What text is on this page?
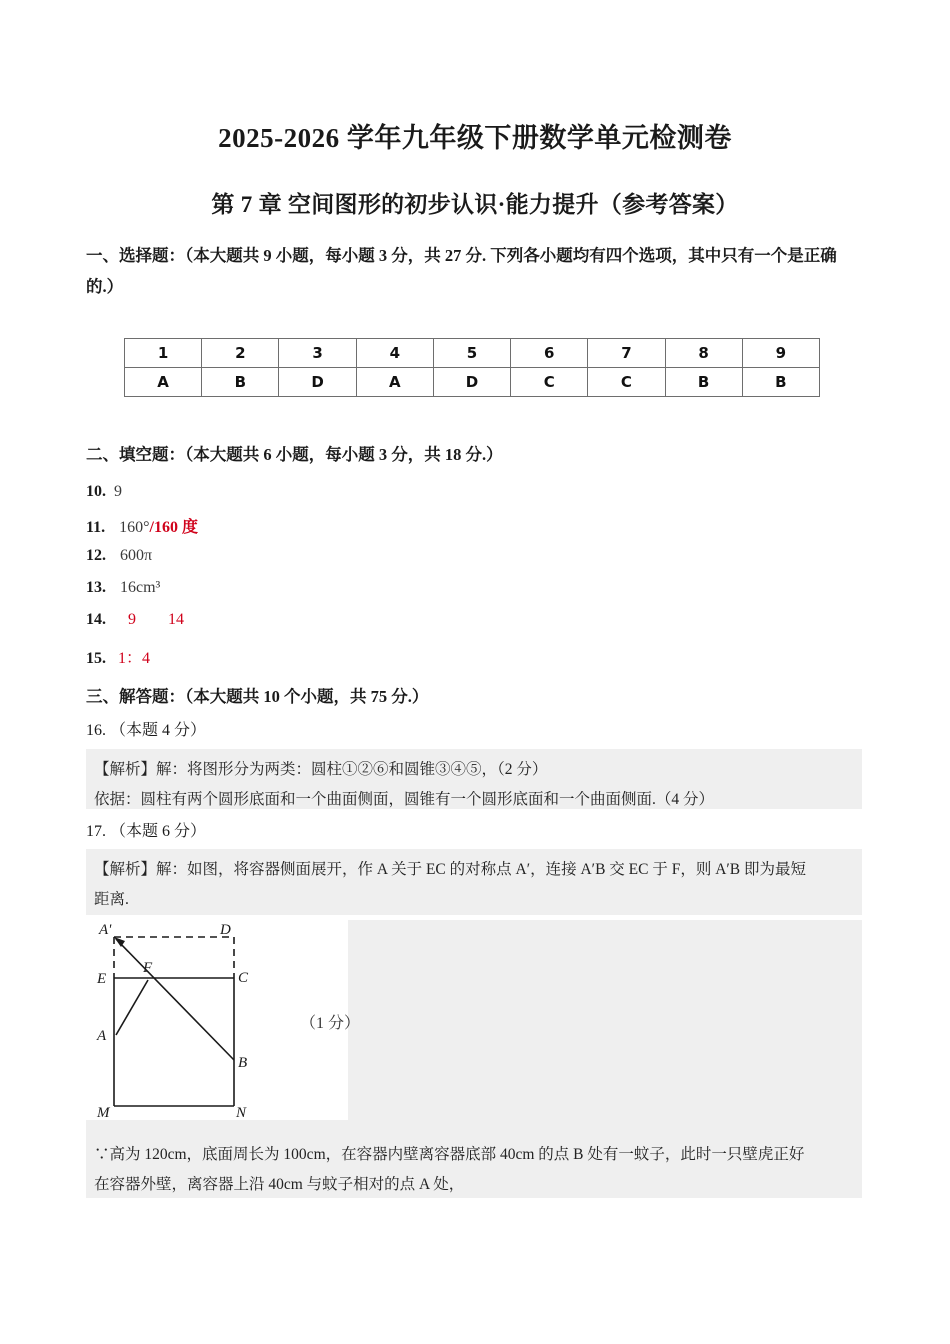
2025-2026 学年九年级下册数学单元检测卷
第 7 章 空间图形的初步认识·能力提升（参考答案）
一、选择题：（本大题共 9 小题，每小题 3 分，共 27 分. 下列各小题均有四个选项，其中只有一个是正确
的.）
1	2	3	4	5	6	7	8	9
A	B	D	A	D	C	C	B	B
二、填空题：（本大题共 6 小题，每小题 3 分，共 18 分.）
10. 9
11. 160°/160 度
12. 600π
13. 16cm³
14. 9        14
15. 1：4
三、解答题：（本大题共 10 个小题，共 75 分.）
16. （本题 4 分）
【解析】解：将图形分为两类：圆柱①②⑥和圆锥③④⑤，（2 分）
依据：圆柱有两个圆形底面和一个曲面侧面，圆锥有一个圆形底面和一个曲面侧面.（4 分）
17. （本题 6 分）
【解析】解：如图，将容器侧面展开，作 A 关于 EC 的对称点 A′，连接 A′B 交 EC 于 F，则 A′B 即为最短
距离.
A'	D
E
F
C
A
B
M	N
（1 分）
∵高为 120cm，底面周长为 100cm，在容器内壁离容器底部 40cm 的点 B 处有一蚊子，此时一只壁虎正好
在容器外壁，离容器上沿 40cm 与蚊子相对的点 A 处，
